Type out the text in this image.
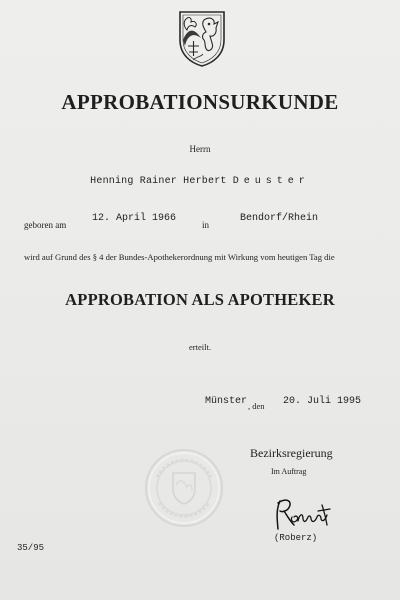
APPROBATIONSURKUNDE
Herrn
Henning Rainer Herbert Deuster
geboren am
12. April 1966
in
Bendorf/Rhein
wird auf Grund des § 4 der Bundes-Apothekerordnung mit Wirkung vom heutigen Tag die
APPROBATION ALS APOTHEKER
erteilt.
Münster , den 20. Juli 1995
Bezirksregierung
Im Auftrag
(Roberz)
35/95
